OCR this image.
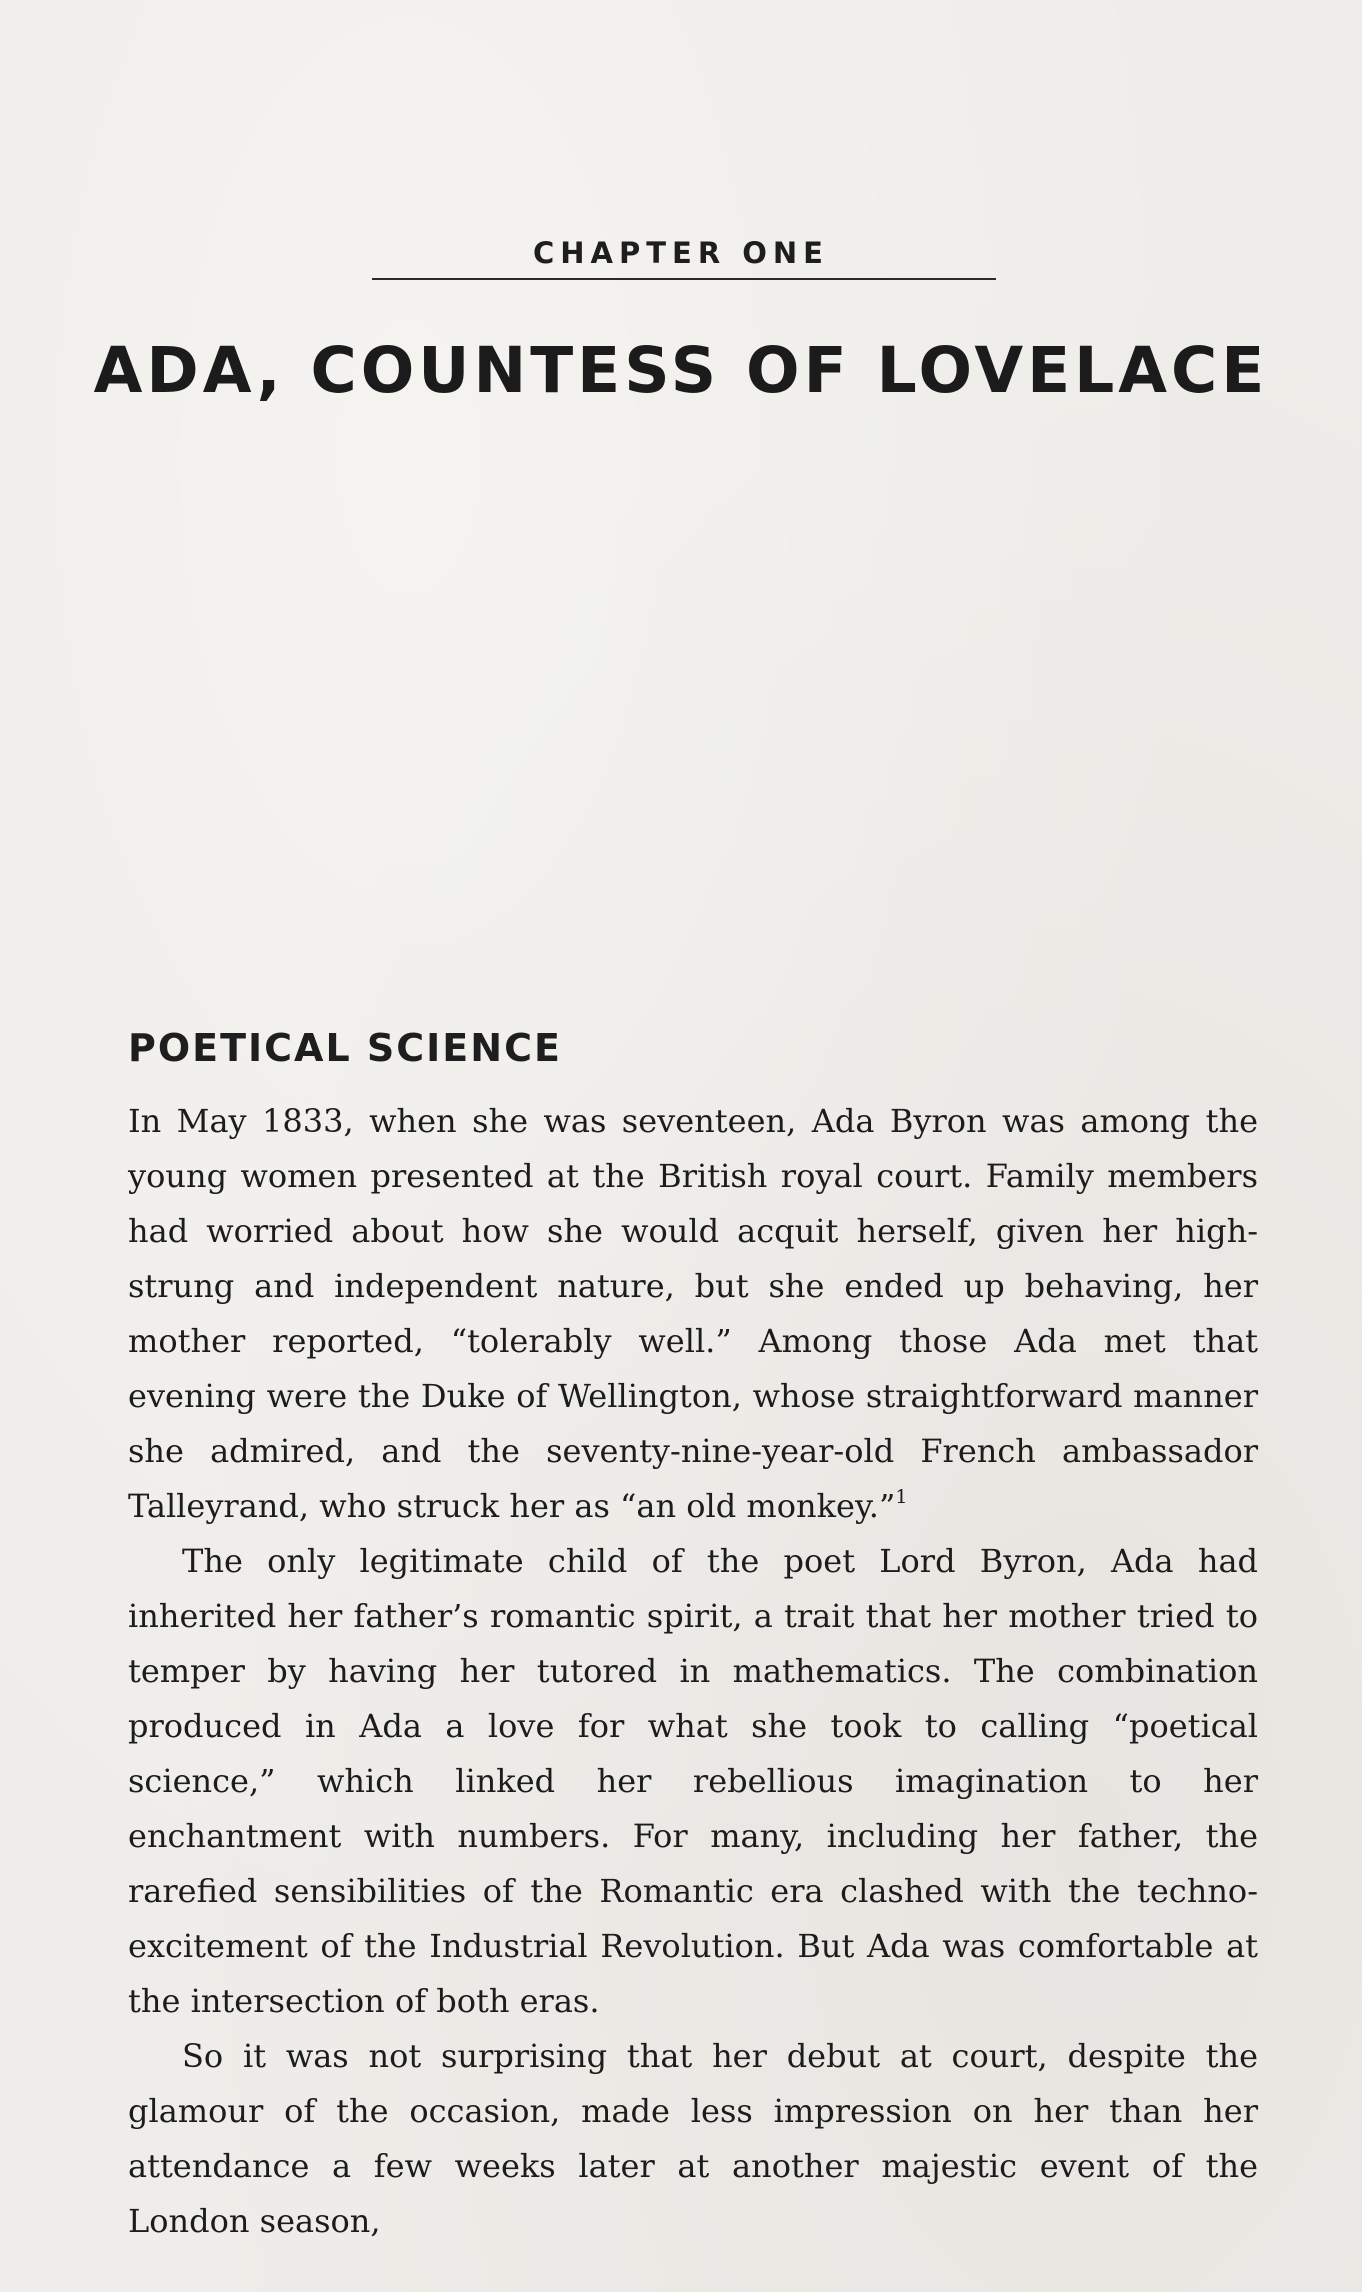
CHAPTER ONE
ADA, COUNTESS OF LOVELACE
POETICAL SCIENCE

In May 1833, when she was seventeen, Ada Byron was among the young women presented at the British royal court. Family members had worried about how she would acquit herself, given her high-strung and independent nature, but she ended up behaving, her mother reported, “tolerably well.” Among those Ada met that evening were the Duke of Wellington, whose straightforward manner she admired, and the seventy-nine-year-old French ambassador Talleyrand, who struck her as “an old monkey.”$^1$

The only legitimate child of the poet Lord Byron, Ada had inherited her father’s romantic spirit, a trait that her mother tried to temper by having her tutored in mathematics. The combination produced in Ada a love for what she took to calling “poetical science,” which linked her rebellious imagination to her enchantment with numbers. For many, including her father, the rarefied sensibilities of the Romantic era clashed with the techno-excitement of the Industrial Revolution. But Ada was comfortable at the intersection of both eras.

So it was not surprising that her debut at court, despite the glamour of the occasion, made less impression on her than her attendance a few weeks later at another majestic event of the London season,
